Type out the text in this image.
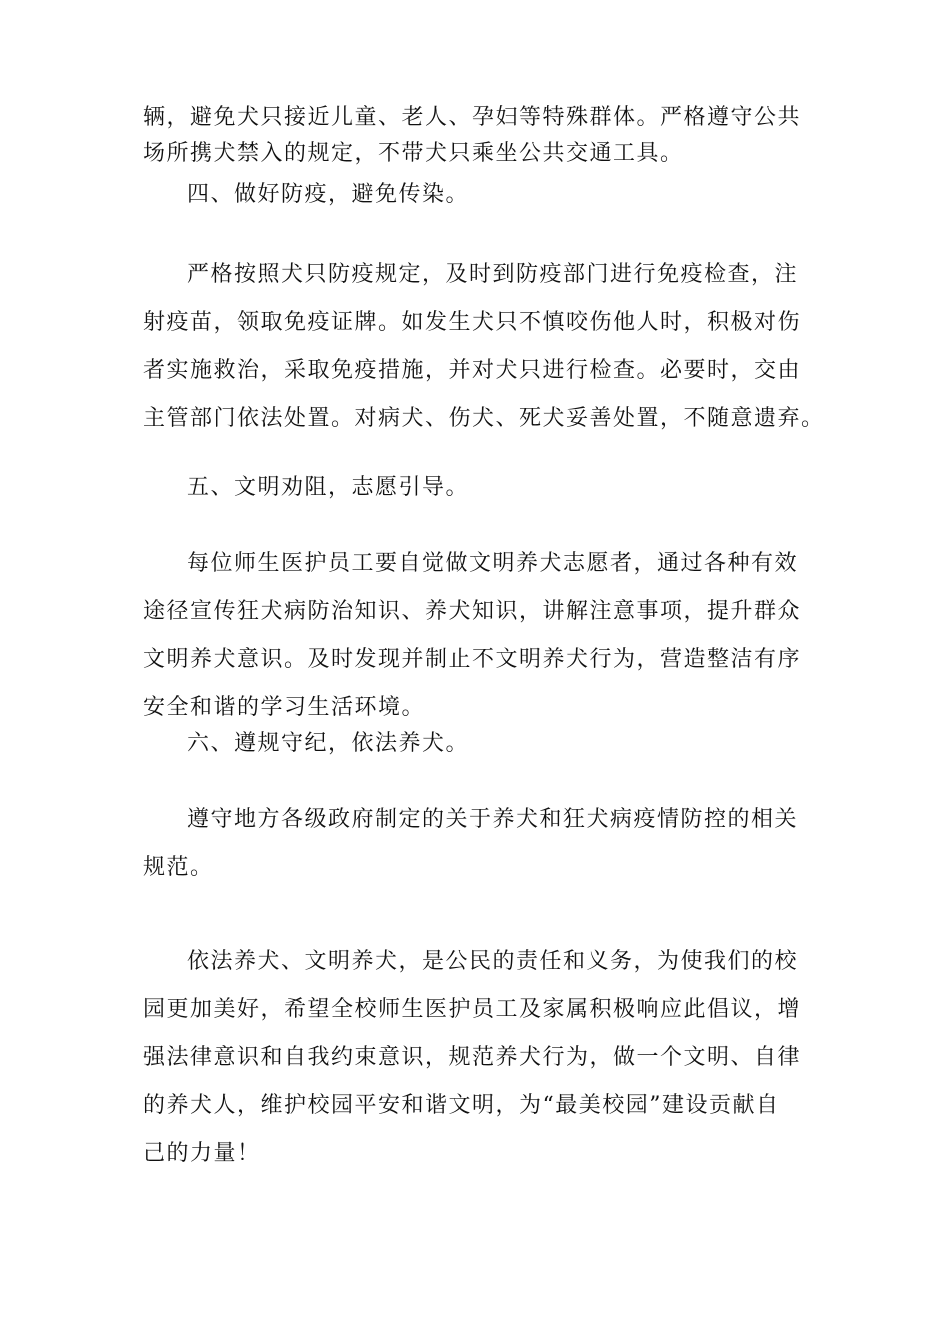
辆，避免犬只接近儿童、老人、孕妇等特殊群体。严格遵守公共
场所携犬禁入的规定，不带犬只乘坐公共交通工具。

四、做好防疫，避免传染。

严格按照犬只防疫规定，及时到防疫部门进行免疫检查，注
射疫苗，领取免疫证牌。如发生犬只不慎咬伤他人时，积极对伤
者实施救治，采取免疫措施，并对犬只进行检查。必要时，交由
主管部门依法处置。对病犬、伤犬、死犬妥善处置，不随意遗弃。

五、文明劝阻，志愿引导。

每位师生医护员工要自觉做文明养犬志愿者，通过各种有效
途径宣传狂犬病防治知识、养犬知识，讲解注意事项，提升群众
文明养犬意识。及时发现并制止不文明养犬行为，营造整洁有序
安全和谐的学习生活环境。

六、遵规守纪，依法养犬。

遵守地方各级政府制定的关于养犬和狂犬病疫情防控的相关
规范。

依法养犬、文明养犬，是公民的责任和义务，为使我们的校
园更加美好，希望全校师生医护员工及家属积极响应此倡议，增
强法律意识和自我约束意识，规范养犬行为，做一个文明、自律
的养犬人，维护校园平安和谐文明，为“最美校园”建设贡献自
己的力量！
